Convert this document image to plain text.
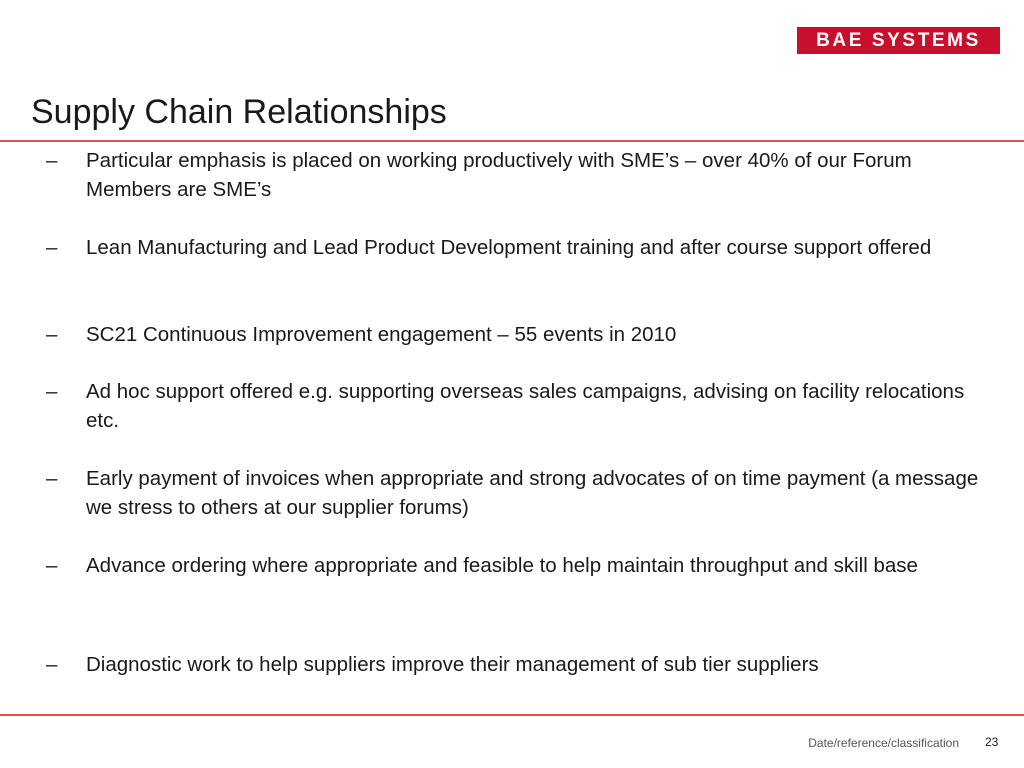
BAE SYSTEMS
Supply Chain Relationships
– Particular emphasis is placed on working productively with SME’s – over 40% of our Forum Members are SME’s
– Lean Manufacturing and Lead Product Development training and after course support offered
– SC21 Continuous Improvement engagement – 55 events in 2010
– Ad hoc support offered e.g. supporting overseas sales campaigns, advising on facility relocations etc.
– Early payment of invoices when appropriate and strong advocates of on time payment (a message we stress to others at our supplier forums)
– Advance ordering where appropriate and feasible to help maintain throughput and skill base
– Diagnostic work to help suppliers improve their management of sub tier suppliers
Date/reference/classification 23
